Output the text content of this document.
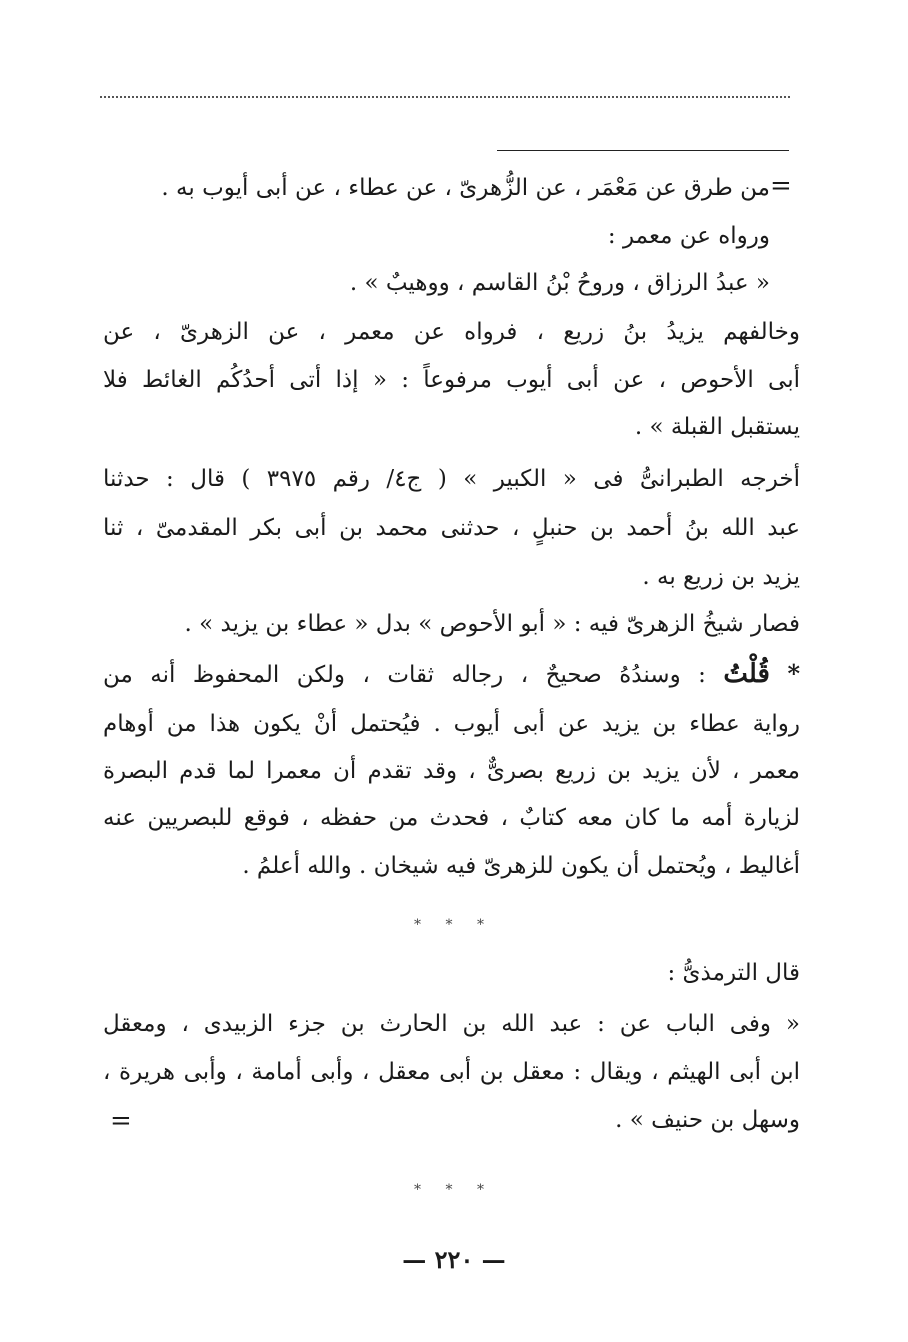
=
من طرق عن مَعْمَر ، عن الزُّهرىّ ، عن عطاء ، عن أبى أيوب به .
ورواه عن معمر :
« عبدُ الرزاق ، وروحُ بْنُ القاسم ، ووهيبٌ » .
وخالفهم يزيدُ بنُ زريع ، فرواه عن معمر ، عن الزهرىّ ، عن
أبى الأحوص ، عن أبى أيوب مرفوعاً : « إذا أتى أحدُكُم الغائط فلا
يستقبل القبلة » .
أخرجه الطبرانىُّ فى « الكبير » ( ج٤/ رقم ٣٩٧٥ ) قال : حدثنا
عبد الله بنُ أحمد بن حنبلٍ ، حدثنى محمد بن أبى بكر المقدمىّ ، ثنا
يزيد بن زريع به .
فصار شيخُ الزهرىّ فيه : « أبو الأحوص » بدل « عطاء بن يزيد » .
* قُلْتُ : وسندُهُ صحيحٌ ، رجاله ثقات ، ولكن المحفوظ أنه من
رواية عطاء بن يزيد عن أبى أيوب . فيُحتمل أنْ يكون هذا من أوهام
معمر ، لأن يزيد بن زريع بصرىٌّ ، وقد تقدم أن معمرا لما قدم البصرة
لزيارة أمه ما كان معه كتابٌ ، فحدث من حفظه ، فوقع للبصريين عنه
أغاليط ، ويُحتمل أن يكون للزهرىّ فيه شيخان . والله أعلمُ .
* * *
قال الترمذىُّ :
« وفى الباب عن : عبد الله بن الحارث بن جزء الزبيدى ، ومعقل
ابن أبى الهيثم ، ويقال : معقل بن أبى معقل ، وأبى أمامة ، وأبى هريرة ،
وسهل بن حنيف » .
=
* * *
— ٢٢٠ —
